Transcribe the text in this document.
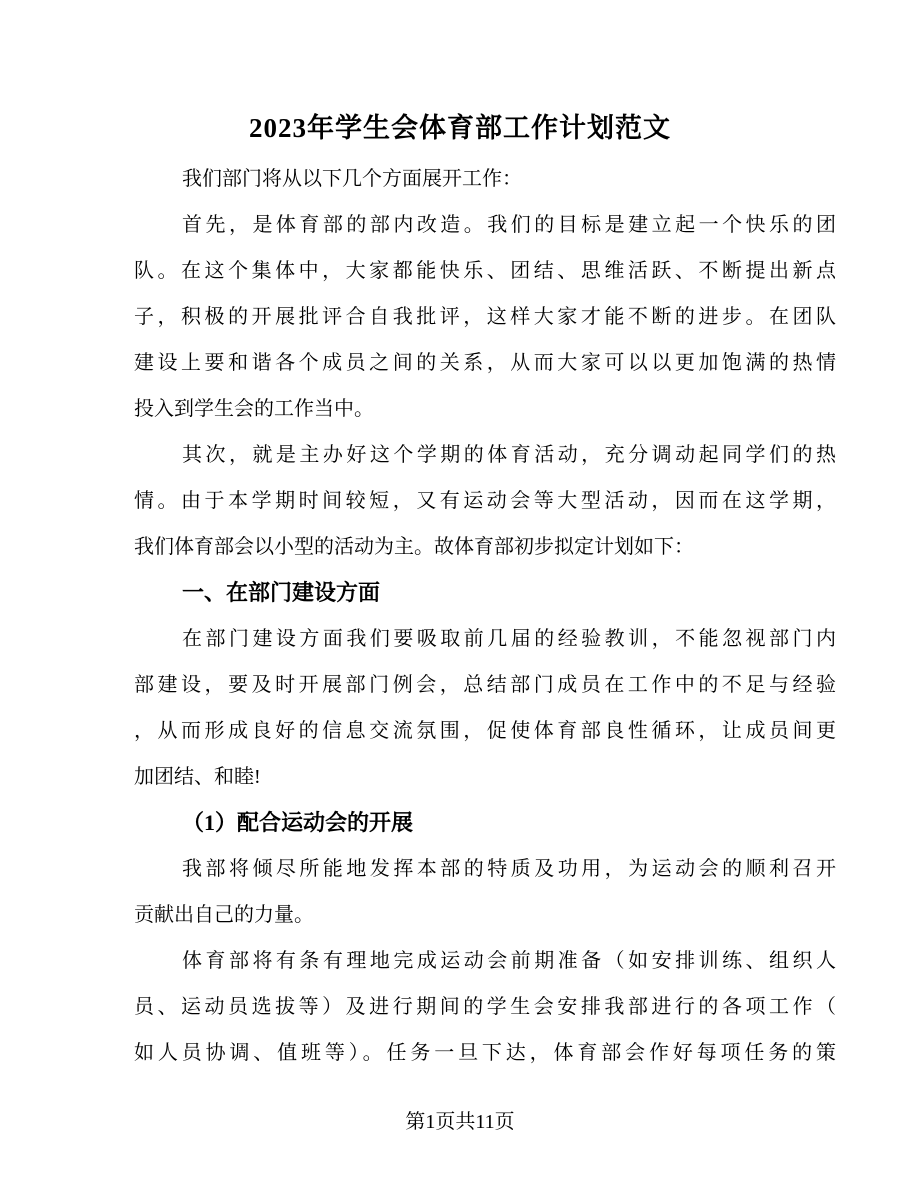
2023年学生会体育部工作计划范文
我们部门将从以下几个方面展开工作：
首先，是体育部的部内改造。我们的目标是建立起一个快乐的团
队。在这个集体中，大家都能快乐、团结、思维活跃、不断提出新点
子，积极的开展批评合自我批评，这样大家才能不断的进步。在团队
建设上要和谐各个成员之间的关系，从而大家可以以更加饱满的热情
投入到学生会的工作当中。
其次，就是主办好这个学期的体育活动，充分调动起同学们的热
情。由于本学期时间较短，又有运动会等大型活动，因而在这学期，
我们体育部会以小型的活动为主。故体育部初步拟定计划如下：
一、在部门建设方面
在部门建设方面我们要吸取前几届的经验教训，不能忽视部门内
部建设，要及时开展部门例会，总结部门成员在工作中的不足与经验
，从而形成良好的信息交流氛围，促使体育部良性循环，让成员间更
加团结、和睦!
（1）配合运动会的开展
我部将倾尽所能地发挥本部的特质及功用，为运动会的顺利召开
贡献出自己的力量。
体育部将有条有理地完成运动会前期准备（如安排训练、组织人
员、运动员选拔等）及进行期间的学生会安排我部进行的各项工作（
如人员协调、值班等）。任务一旦下达，体育部会作好每项任务的策
第1页共11页
